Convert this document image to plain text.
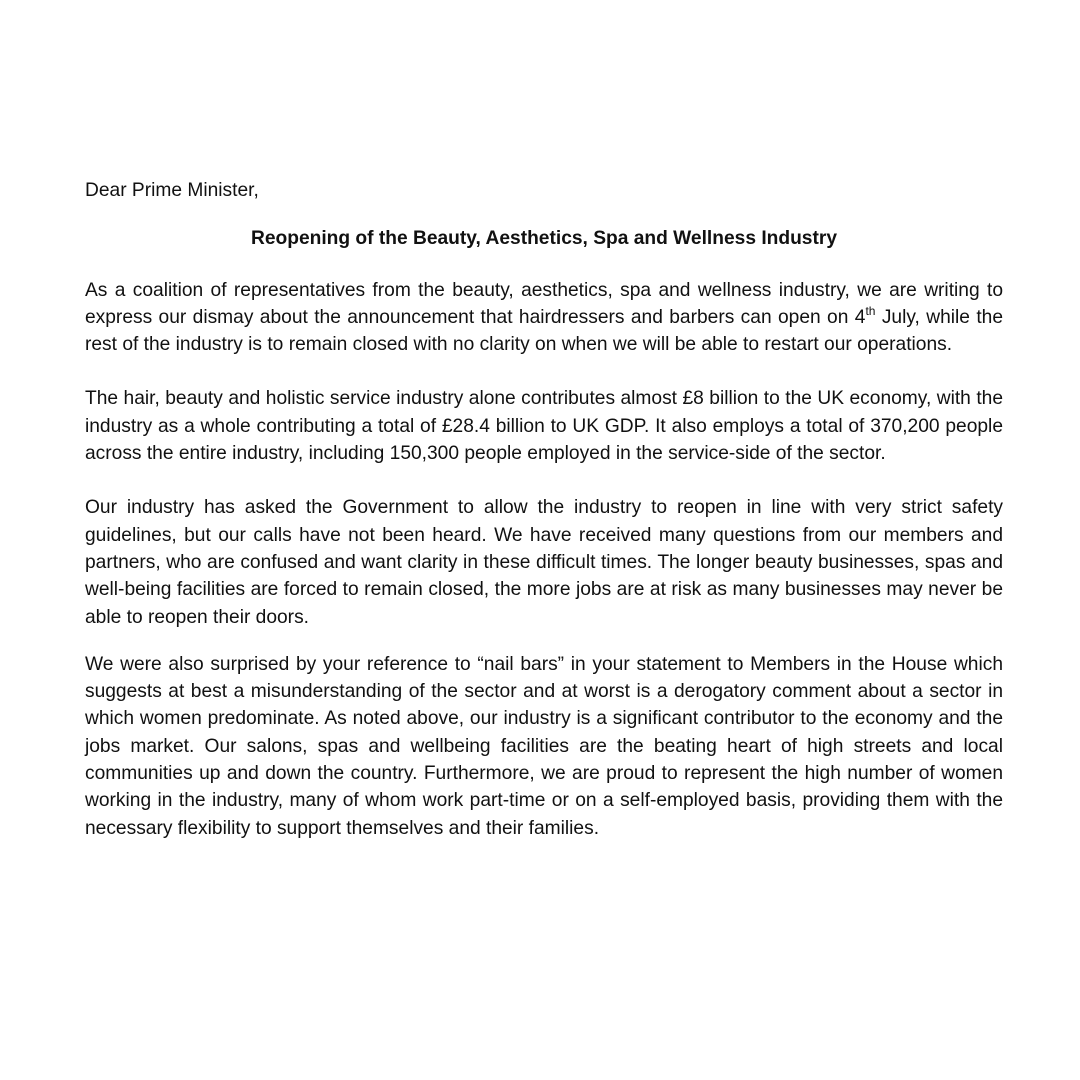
Dear Prime Minister,

Reopening of the Beauty, Aesthetics, Spa and Wellness Industry

As a coalition of representatives from the beauty, aesthetics, spa and wellness industry, we are writing to express our dismay about the announcement that hairdressers and barbers can open on 4th July, while the rest of the industry is to remain closed with no clarity on when we will be able to restart our operations.

The hair, beauty and holistic service industry alone contributes almost £8 billion to the UK economy, with the industry as a whole contributing a total of £28.4 billion to UK GDP. It also employs a total of 370,200 people across the entire industry, including 150,300 people employed in the service-side of the sector.

Our industry has asked the Government to allow the industry to reopen in line with very strict safety guidelines, but our calls have not been heard. We have received many questions from our members and partners, who are confused and want clarity in these difficult times. The longer beauty businesses, spas and well-being facilities are forced to remain closed, the more jobs are at risk as many businesses may never be able to reopen their doors.

We were also surprised by your reference to “nail bars” in your statement to Members in the House which suggests at best a misunderstanding of the sector and at worst is a derogatory comment about a sector in which women predominate. As noted above, our industry is a significant contributor to the economy and the jobs market. Our salons, spas and wellbeing facilities are the beating heart of high streets and local communities up and down the country. Furthermore, we are proud to represent the high number of women working in the industry, many of whom work part-time or on a self-employed basis, providing them with the necessary flexibility to support themselves and their families.
